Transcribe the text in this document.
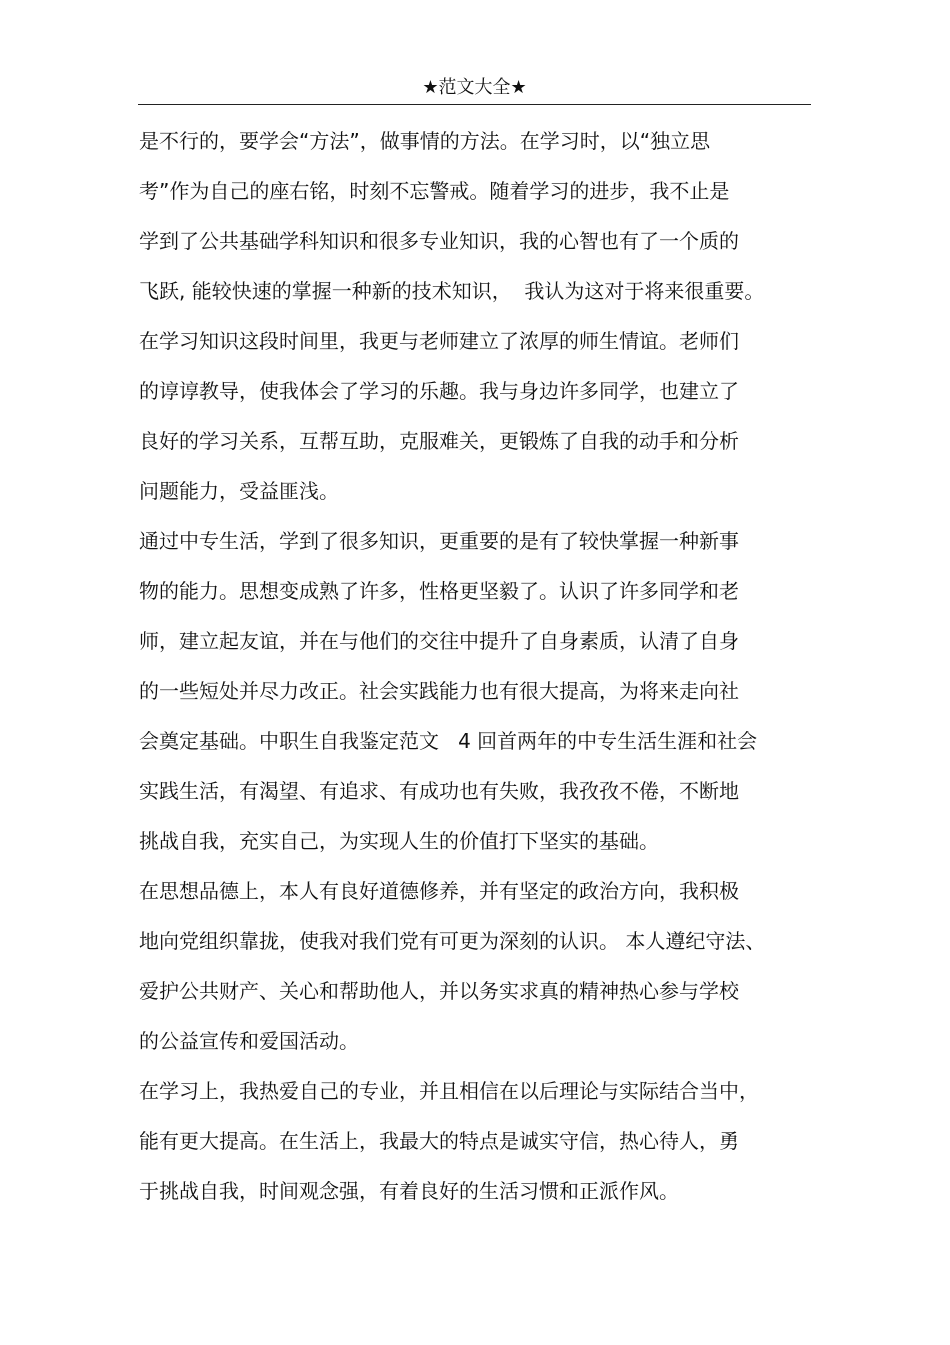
★范文大全★
是不行的，要学会“方法”，做事情的方法。在学习时，以“独立思
考”作为自己的座右铭，时刻不忘警戒。随着学习的进步，我不止是
学到了公共基础学科知识和很多专业知识，我的心智也有了一个质的
飞跃, 能较快速的掌握一种新的技术知识，  我认为这对于将来很重要。
在学习知识这段时间里，我更与老师建立了浓厚的师生情谊。老师们
的谆谆教导，使我体会了学习的乐趣。我与身边许多同学，也建立了
良好的学习关系，互帮互助，克服难关，更锻炼了自我的动手和分析
问题能力，受益匪浅。
通过中专生活，学到了很多知识，更重要的是有了较快掌握一种新事
物的能力。思想变成熟了许多，性格更坚毅了。认识了许多同学和老
师，建立起友谊，并在与他们的交往中提升了自身素质，认清了自身
的一些短处并尽力改正。社会实践能力也有很大提高，为将来走向社
会奠定基础。中职生自我鉴定范文   4 回首两年的中专生活生涯和社会
实践生活，有渴望、有追求、有成功也有失败，我孜孜不倦，不断地
挑战自我，充实自己，为实现人生的价值打下坚实的基础。
在思想品德上，本人有良好道德修养，并有坚定的政治方向，我积极
地向党组织靠拢，使我对我们党有可更为深刻的认识。 本人遵纪守法、
爱护公共财产、关心和帮助他人，并以务实求真的精神热心参与学校
的公益宣传和爱国活动。
在学习上，我热爱自己的专业，并且相信在以后理论与实际结合当中，
能有更大提高。在生活上，我最大的特点是诚实守信，热心待人，勇
于挑战自我，时间观念强，有着良好的生活习惯和正派作风。
